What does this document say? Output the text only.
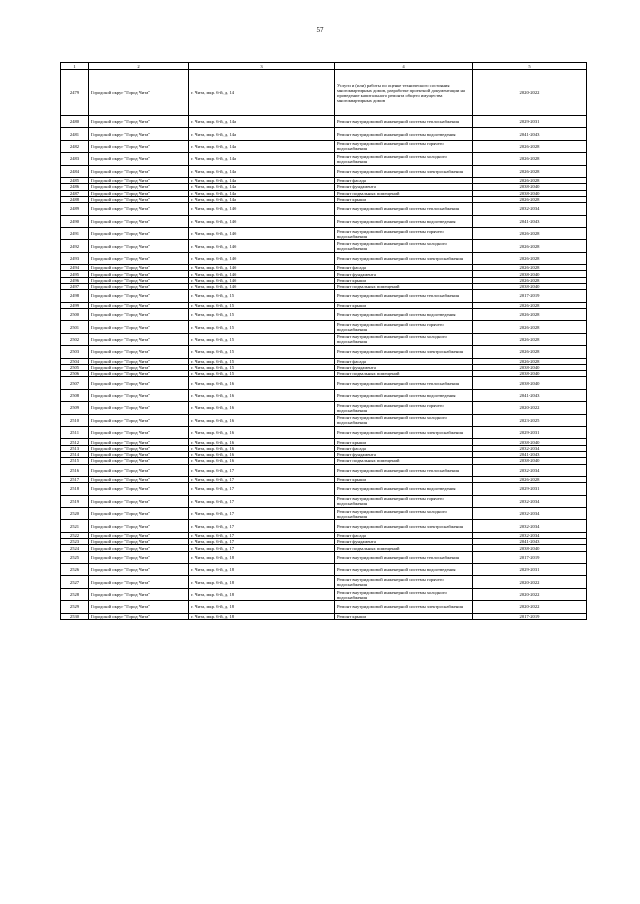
57
1	2	3	4	5
2479	Городской округ "Город Чита"	г. Чита, мкр. 6-й, д. 14	Услуги и (или) работы по оценке технического состояния многоквартирных домов, разработке проектной документации на проведение капитального ремонта общего имущества многоквартирных домов	2020-2022
2480	Городской округ "Город Чита"	г. Чита, мкр. 6-й, д. 14а	Ремонт внутридомовой инженерной системы теплоснабжения	2029-2031
2481	Городской округ "Город Чита"	г. Чита, мкр. 6-й, д. 14а	Ремонт внутридомовой инженерной системы водоотведения	2041-2043
2482	Городской округ "Город Чита"	г. Чита, мкр. 6-й, д. 14а	Ремонт внутридомовой инженерной системы горячего водоснабжения	2026-2028
2483	Городской округ "Город Чита"	г. Чита, мкр. 6-й, д. 14а	Ремонт внутридомовой инженерной системы холодного водоснабжения	2026-2028
2484	Городской округ "Город Чита"	г. Чита, мкр. 6-й, д. 14а	Ремонт внутридомовой инженерной системы электроснабжения	2026-2028
2485	Городской округ "Город Чита"	г. Чита, мкр. 6-й, д. 14а	Ремонт фасада	2026-2028
2486	Городской округ "Город Чита"	г. Чита, мкр. 6-й, д. 14а	Ремонт фундамента	2038-2040
2487	Городской округ "Город Чита"	г. Чита, мкр. 6-й, д. 14а	Ремонт подвальных помещений	2038-2040
2488	Городской округ "Город Чита"	г. Чита, мкр. 6-й, д. 14а	Ремонт крыши	2026-2028
2489	Городской округ "Город Чита"	г. Чита, мкр. 6-й, д. 14б	Ремонт внутридомовой инженерной системы теплоснабжения	2032-2034
2490	Городской округ "Город Чита"	г. Чита, мкр. 6-й, д. 14б	Ремонт внутридомовой инженерной системы водоотведения	2041-2043
2491	Городской округ "Город Чита"	г. Чита, мкр. 6-й, д. 14б	Ремонт внутридомовой инженерной системы горячего водоснабжения	2026-2028
2492	Городской округ "Город Чита"	г. Чита, мкр. 6-й, д. 14б	Ремонт внутридомовой инженерной системы холодного водоснабжения	2026-2028
2493	Городской округ "Город Чита"	г. Чита, мкр. 6-й, д. 14б	Ремонт внутридомовой инженерной системы электроснабжения	2026-2028
2494	Городской округ "Город Чита"	г. Чита, мкр. 6-й, д. 14б	Ремонт фасада	2026-2028
2495	Городской округ "Город Чита"	г. Чита, мкр. 6-й, д. 14б	Ремонт фундамента	2038-2040
2496	Городской округ "Город Чита"	г. Чита, мкр. 6-й, д. 14б	Ремонт крыши	2026-2028
2497	Городской округ "Город Чита"	г. Чита, мкр. 6-й, д. 14б	Ремонт подвальных помещений	2038-2040
2498	Городской округ "Город Чита"	г. Чита, мкр. 6-й, д. 15	Ремонт внутридомовой инженерной системы теплоснабжения	2017-2019
2499	Городской округ "Город Чита"	г. Чита, мкр. 6-й, д. 15	Ремонт крыши	2026-2028
2500	Городской округ "Город Чита"	г. Чита, мкр. 6-й, д. 15	Ремонт внутридомовой инженерной системы водоотведения	2026-2028
2501	Городской округ "Город Чита"	г. Чита, мкр. 6-й, д. 15	Ремонт внутридомовой инженерной системы горячего водоснабжения	2026-2028
2502	Городской округ "Город Чита"	г. Чита, мкр. 6-й, д. 15	Ремонт внутридомовой инженерной системы холодного водоснабжения	2026-2028
2503	Городской округ "Город Чита"	г. Чита, мкр. 6-й, д. 15	Ремонт внутридомовой инженерной системы электроснабжения	2026-2028
2504	Городской округ "Город Чита"	г. Чита, мкр. 6-й, д. 15	Ремонт фасада	2026-2028
2505	Городской округ "Город Чита"	г. Чита, мкр. 6-й, д. 15	Ремонт фундамента	2038-2040
2506	Городской округ "Город Чита"	г. Чита, мкр. 6-й, д. 15	Ремонт подвальных помещений	2038-2040
2507	Городской округ "Город Чита"	г. Чита, мкр. 6-й, д. 16	Ремонт внутридомовой инженерной системы теплоснабжения	2038-2040
2508	Городской округ "Город Чита"	г. Чита, мкр. 6-й, д. 16	Ремонт внутридомовой инженерной системы водоотведения	2041-2043
2509	Городской округ "Город Чита"	г. Чита, мкр. 6-й, д. 16	Ремонт внутридомовой инженерной системы горячего водоснабжения	2020-2022
2510	Городской округ "Город Чита"	г. Чита, мкр. 6-й, д. 16	Ремонт внутридомовой инженерной системы холодного водоснабжения	2023-2025
2511	Городской округ "Город Чита"	г. Чита, мкр. 6-й, д. 16	Ремонт внутридомовой инженерной системы электроснабжения	2029-2031
2512	Городской округ "Город Чита"	г. Чита, мкр. 6-й, д. 16	Ремонт крыши	2038-2040
2513	Городской округ "Город Чита"	г. Чита, мкр. 6-й, д. 16	Ремонт фасада	2032-2034
2514	Городской округ "Город Чита"	г. Чита, мкр. 6-й, д. 16	Ремонт фундамента	2041-2043
2515	Городской округ "Город Чита"	г. Чита, мкр. 6-й, д. 16	Ремонт подвальных помещений	2038-2040
2516	Городской округ "Город Чита"	г. Чита, мкр. 6-й, д. 17	Ремонт внутридомовой инженерной системы теплоснабжения	2032-2034
2517	Городской округ "Город Чита"	г. Чита, мкр. 6-й, д. 17	Ремонт крыши	2026-2028
2518	Городской округ "Город Чита"	г. Чита, мкр. 6-й, д. 17	Ремонт внутридомовой инженерной системы водоотведения	2029-2031
2519	Городской округ "Город Чита"	г. Чита, мкр. 6-й, д. 17	Ремонт внутридомовой инженерной системы горячего водоснабжения	2032-2034
2520	Городской округ "Город Чита"	г. Чита, мкр. 6-й, д. 17	Ремонт внутридомовой инженерной системы холодного водоснабжения	2032-2034
2521	Городской округ "Город Чита"	г. Чита, мкр. 6-й, д. 17	Ремонт внутридомовой инженерной системы электроснабжения	2032-2034
2522	Городской округ "Город Чита"	г. Чита, мкр. 6-й, д. 17	Ремонт фасада	2032-2034
2523	Городской округ "Город Чита"	г. Чита, мкр. 6-й, д. 17	Ремонт фундамента	2041-2043
2524	Городской округ "Город Чита"	г. Чита, мкр. 6-й, д. 17	Ремонт подвальных помещений	2038-2040
2525	Городской округ "Город Чита"	г. Чита, мкр. 6-й, д. 18	Ремонт внутридомовой инженерной системы теплоснабжения	2017-2019
2526	Городской округ "Город Чита"	г. Чита, мкр. 6-й, д. 18	Ремонт внутридомовой инженерной системы водоотведения	2029-2031
2527	Городской округ "Город Чита"	г. Чита, мкр. 6-й, д. 18	Ремонт внутридомовой инженерной системы горячего водоснабжения	2020-2022
2528	Городской округ "Город Чита"	г. Чита, мкр. 6-й, д. 18	Ремонт внутридомовой инженерной системы холодного водоснабжения	2020-2022
2529	Городской округ "Город Чита"	г. Чита, мкр. 6-й, д. 18	Ремонт внутридомовой инженерной системы электроснабжения	2020-2022
2530	Городской округ "Город Чита"	г. Чита, мкр. 6-й, д. 18	Ремонт крыши	2017-2019
